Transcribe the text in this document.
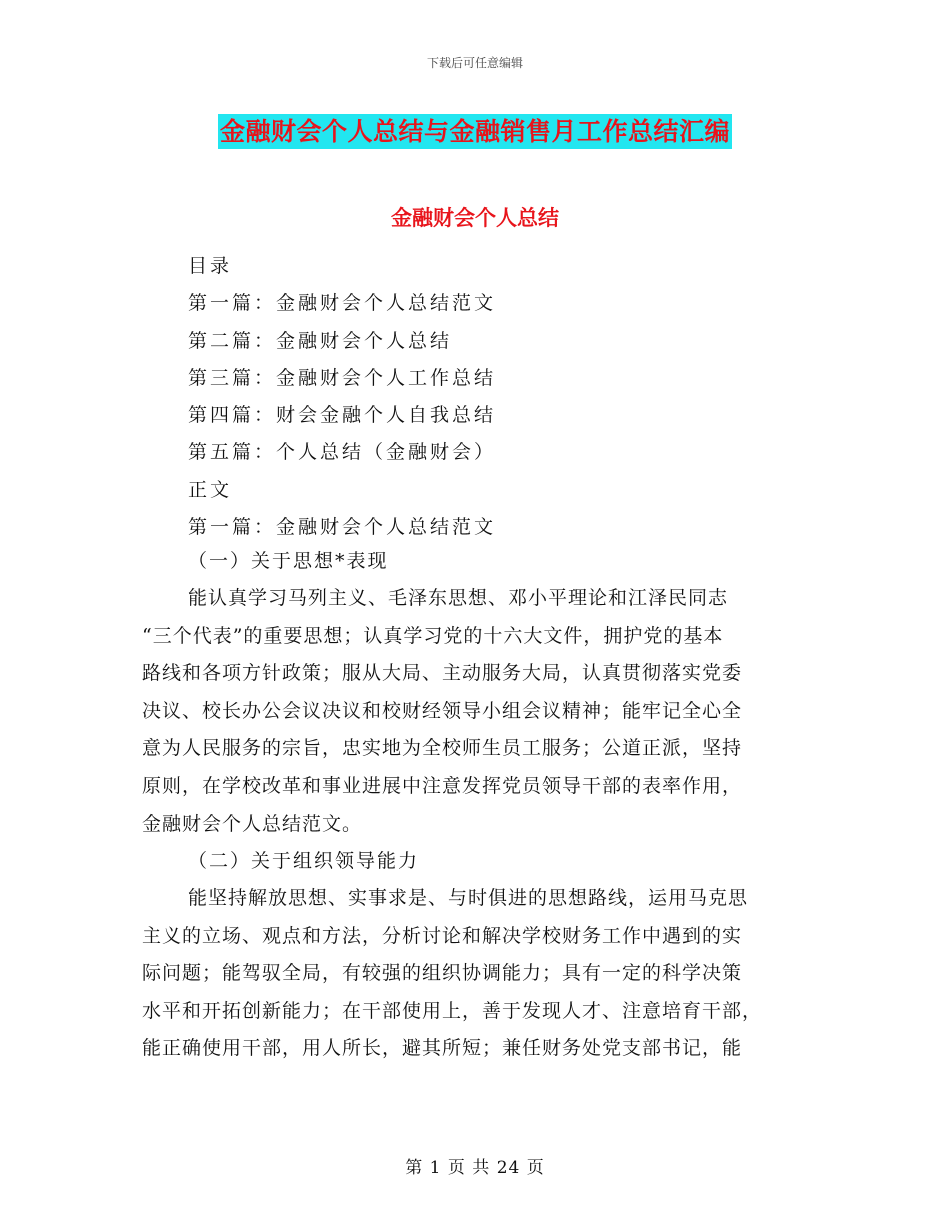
下载后可任意编辑
金融财会个人总结与金融销售月工作总结汇编
金融财会个人总结
目录
第一篇：金融财会个人总结范文
第二篇：金融财会个人总结
第三篇：金融财会个人工作总结
第四篇：财会金融个人自我总结
第五篇：个人总结（金融财会）
正文
第一篇：金融财会个人总结范文
（一）关于思想*表现
能认真学习马列主义、毛泽东思想、邓小平理论和江泽民同志
“三个代表”的重要思想；认真学习党的十六大文件，拥护党的基本
路线和各项方针政策；服从大局、主动服务大局，认真贯彻落实党委
决议、校长办公会议决议和校财经领导小组会议精神；能牢记全心全
意为人民服务的宗旨，忠实地为全校师生员工服务；公道正派，坚持
原则，在学校改革和事业进展中注意发挥党员领导干部的表率作用，
金融财会个人总结范文。
（二）关于组织领导能力
能坚持解放思想、实事求是、与时俱进的思想路线，运用马克思
主义的立场、观点和方法，分析讨论和解决学校财务工作中遇到的实
际问题；能驾驭全局，有较强的组织协调能力；具有一定的科学决策
水平和开拓创新能力；在干部使用上，善于发现人才、注意培育干部，
能正确使用干部，用人所长，避其所短；兼任财务处党支部书记，能
第 1 页 共 24 页
